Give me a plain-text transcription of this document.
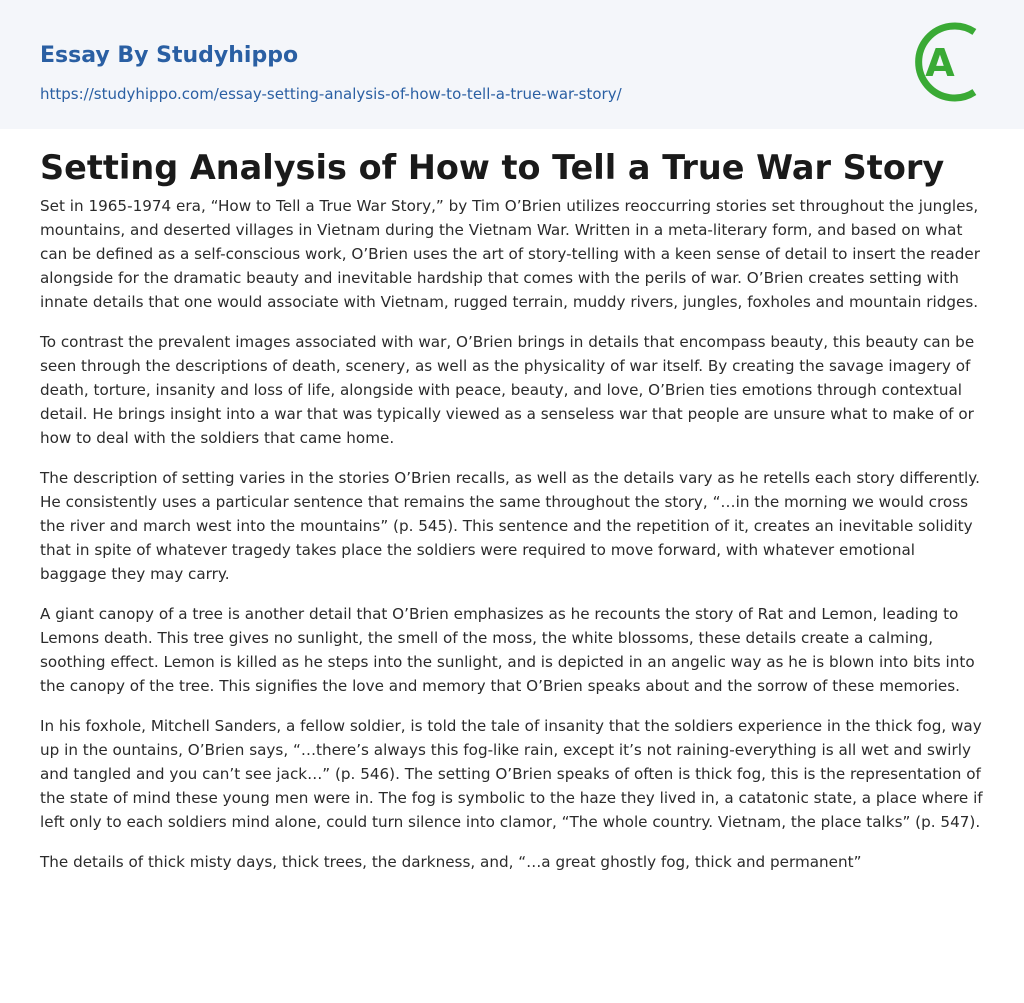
Essay By Studyhippo
https://studyhippo.com/essay-setting-analysis-of-how-to-tell-a-true-war-story/
A
Setting Analysis of How to Tell a True War Story

Set in 1965-1974 era, “How to Tell a True War Story,” by Tim O’Brien utilizes reoccurring stories set throughout the jungles, mountains, and deserted villages in Vietnam during the Vietnam War. Written in a meta-literary form, and based on what can be defined as a self-conscious work, O’Brien uses the art of story-telling with a keen sense of detail to insert the reader alongside for the dramatic beauty and inevitable hardship that comes with the perils of war. O’Brien creates setting with innate details that one would associate with Vietnam, rugged terrain, muddy rivers, jungles, foxholes and mountain ridges.

To contrast the prevalent images associated with war, O’Brien brings in details that encompass beauty, this beauty can be seen through the descriptions of death, scenery, as well as the physicality of war itself. By creating the savage imagery of death, torture, insanity and loss of life, alongside with peace, beauty, and love, O’Brien ties emotions through contextual detail. He brings insight into a war that was typically viewed as a senseless war that people are unsure what to make of or how to deal with the soldiers that came home.

The description of setting varies in the stories O’Brien recalls, as well as the details vary as he retells each story differently. He consistently uses a particular sentence that remains the same throughout the story, “…in the morning we would cross the river and march west into the mountains” (p. 545). This sentence and the repetition of it, creates an inevitable solidity that in spite of whatever tragedy takes place the soldiers were required to move forward, with whatever emotional baggage they may carry.

A giant canopy of a tree is another detail that O’Brien emphasizes as he recounts the story of Rat and Lemon, leading to Lemons death. This tree gives no sunlight, the smell of the moss, the white blossoms, these details create a calming, soothing effect. Lemon is killed as he steps into the sunlight, and is depicted in an angelic way as he is blown into bits into the canopy of the tree. This signifies the love and memory that O’Brien speaks about and the sorrow of these memories.

In his foxhole, Mitchell Sanders, a fellow soldier, is told the tale of insanity that the soldiers experience in the thick fog, way up in the ountains, O’Brien says, “…there’s always this fog-like rain, except it’s not raining-everything is all wet and swirly and tangled and you can’t see jack…” (p. 546). The setting O’Brien speaks of often is thick fog, this is the representation of the state of mind these young men were in. The fog is symbolic to the haze they lived in, a catatonic state, a place where if left only to each soldiers mind alone, could turn silence into clamor, “The whole country. Vietnam, the place talks” (p. 547).

The details of thick misty days, thick trees, the darkness, and, “…a great ghostly fog, thick and permanent”
